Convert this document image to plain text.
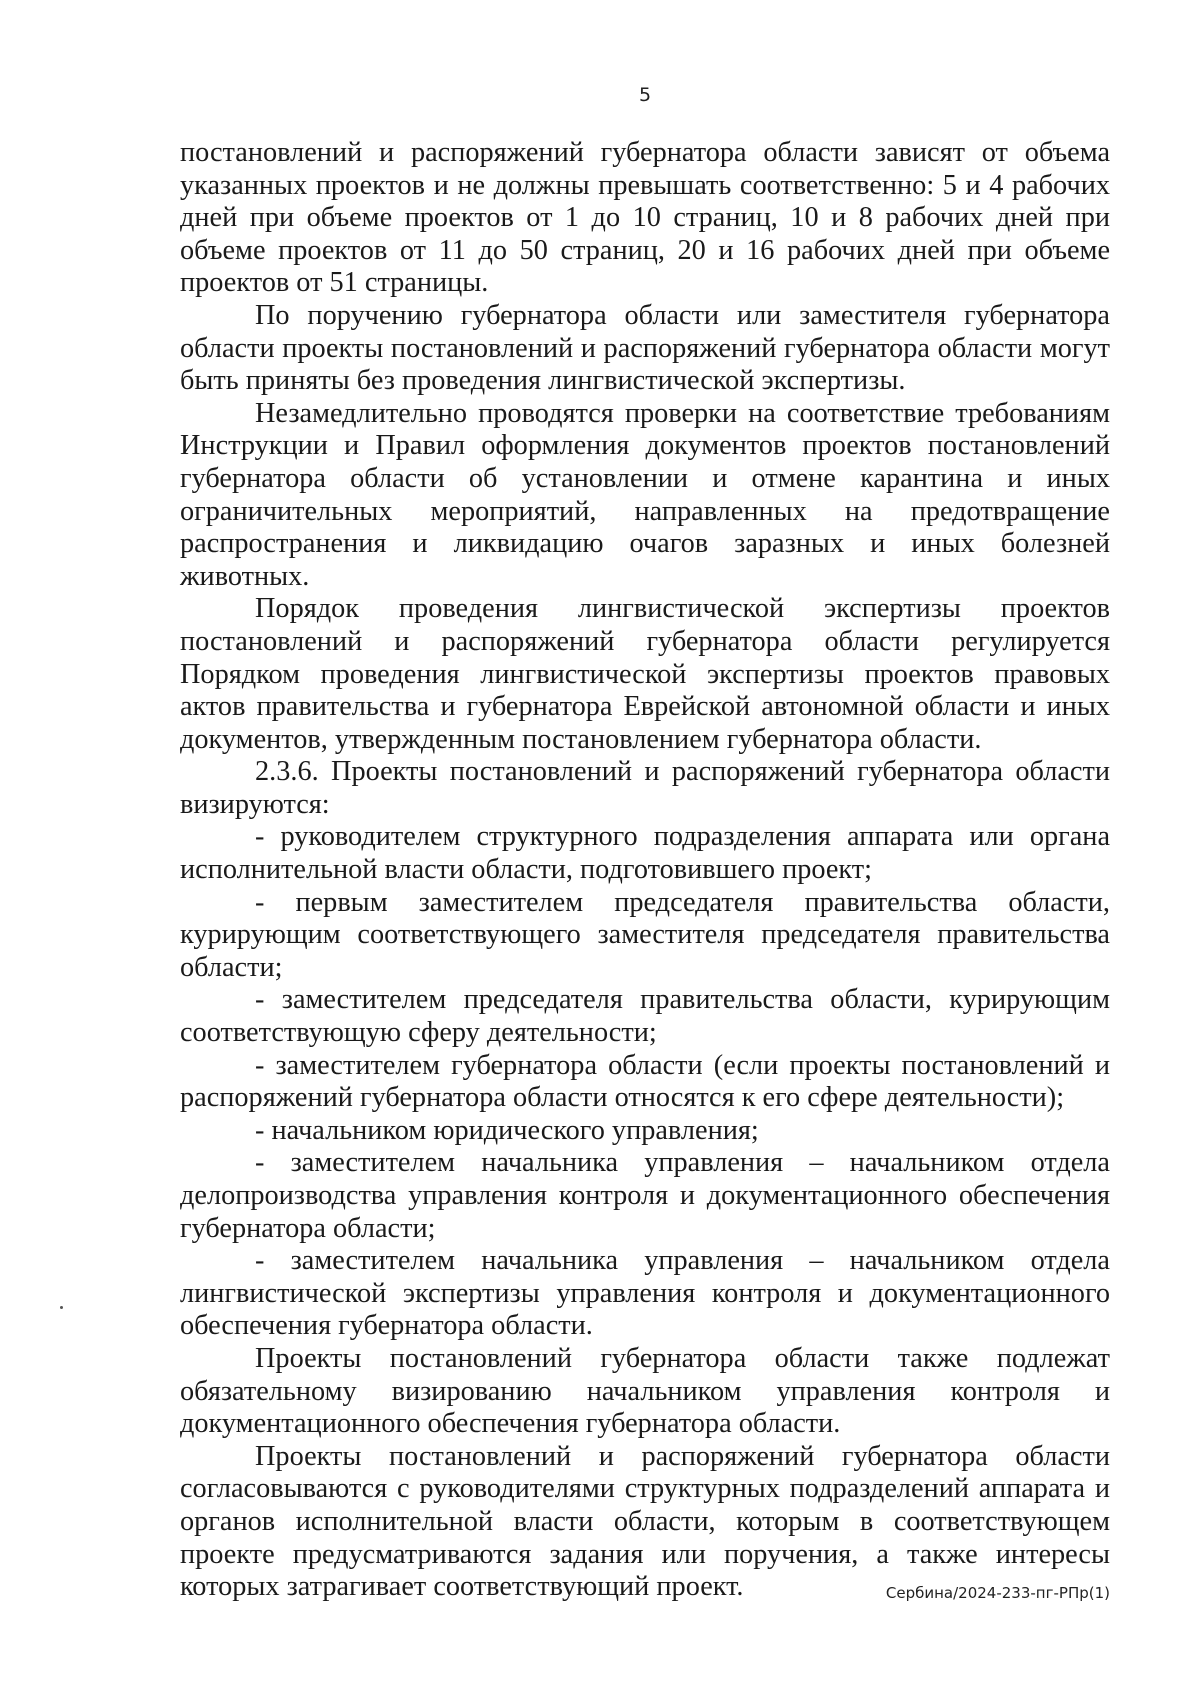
5

постановлений и распоряжений губернатора области зависят от объема указанных проектов и не должны превышать соответственно: 5 и 4 рабочих дней при объеме проектов от 1 до 10 страниц, 10 и 8 рабочих дней при объеме проектов от 11 до 50 страниц, 20 и 16 рабочих дней при объеме проектов от 51 страницы.

По поручению губернатора области или заместителя губернатора области проекты постановлений и распоряжений губернатора области могут быть приняты без проведения лингвистической экспертизы.

Незамедлительно проводятся проверки на соответствие требованиям Инструкции и Правил оформления документов проектов постановлений губернатора области об установлении и отмене карантина и иных ограничительных мероприятий, направленных на предотвращение распространения и ликвидацию очагов заразных и иных болезней животных.

Порядок проведения лингвистической экспертизы проектов постановлений и распоряжений губернатора области регулируется Порядком проведения лингвистической экспертизы проектов правовых актов правительства и губернатора Еврейской автономной области и иных документов, утвержденным постановлением губернатора области.

2.3.6. Проекты постановлений и распоряжений губернатора области визируются:

- руководителем структурного подразделения аппарата или органа исполнительной власти области, подготовившего проект;

- первым заместителем председателя правительства области, курирующим соответствующего заместителя председателя правительства области;

- заместителем председателя правительства области, курирующим соответствующую сферу деятельности;

- заместителем губернатора области (если проекты постановлений и распоряжений губернатора области относятся к его сфере деятельности);

- начальником юридического управления;

- заместителем начальника управления – начальником отдела делопроизводства управления контроля и документационного обеспечения губернатора области;

- заместителем начальника управления – начальником отдела лингвистической экспертизы управления контроля и документационного обеспечения губернатора области.

Проекты постановлений губернатора области также подлежат обязательному визированию начальником управления контроля и документационного обеспечения губернатора области.

Проекты постановлений и распоряжений губернатора области согласовываются с руководителями структурных подразделений аппарата и органов исполнительной власти области, которым в соответствующем проекте предусматриваются задания или поручения, а также интересы которых затрагивает соответствующий проект.	Сербина/2024-233-пг-РПр(1)
